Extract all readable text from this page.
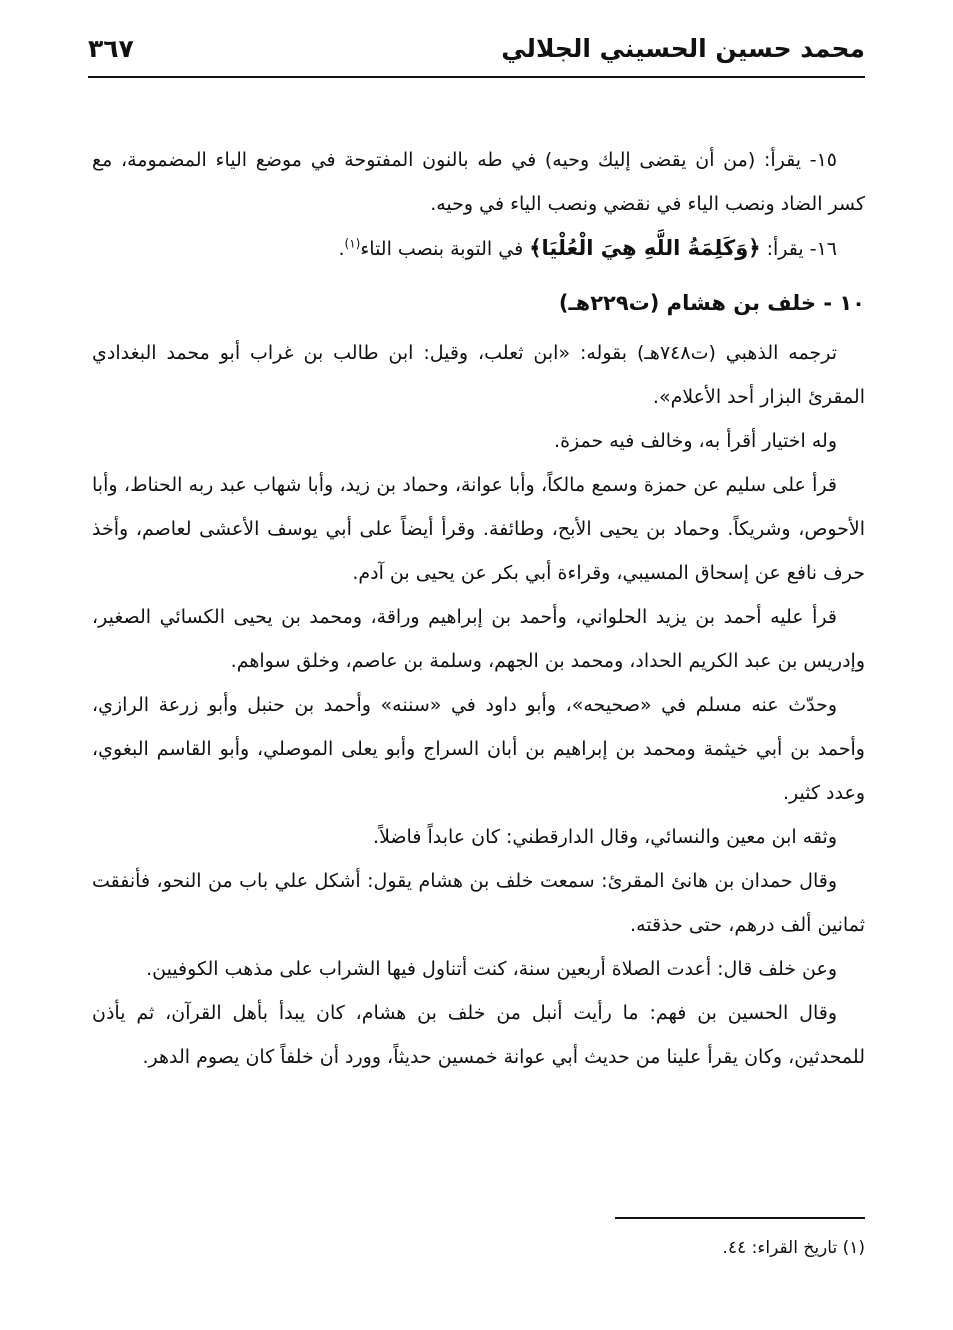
محمد حسين الحسيني الجلالي
٣٦٧

١٥- يقرأ: (من أن يقضى إليك وحيه) في طه بالنون المفتوحة في موضع الياء المضمومة، مع كسر الضاد ونصب الياء في نقضي ونصب الياء في وحيه.

١٦- يقرأ: ﴿وَكَلِمَةُ اللَّهِ هِيَ الْعُلْيَا﴾ في التوبة بنصب التاء$^{(١)}$.

١٠ - خلف بن هشام (ت٢٢٩هـ)

ترجمه الذهبي (ت٧٤٨هـ) بقوله: «ابن ثعلب، وقيل: ابن طالب بن غراب أبو محمد البغدادي المقرئ البزار أحد الأعلام».

وله اختيار أقرأ به، وخالف فيه حمزة.

قرأ على سليم عن حمزة وسمع مالكاً، وأبا عوانة، وحماد بن زيد، وأبا شهاب عبد ربه الحناط، وأبا الأحوص، وشريكاً. وحماد بن يحيى الأبح، وطائفة. وقرأ أيضاً على أبي يوسف الأعشى لعاصم، وأخذ حرف نافع عن إسحاق المسيبي، وقراءة أبي بكر عن يحيى بن آدم.

قرأ عليه أحمد بن يزيد الحلواني، وأحمد بن إبراهيم وراقة، ومحمد بن يحيى الكسائي الصغير، وإدريس بن عبد الكريم الحداد، ومحمد بن الجهم، وسلمة بن عاصم، وخلق سواهم.

وحدّث عنه مسلم في «صحيحه»، وأبو داود في «سننه» وأحمد بن حنبل وأبو زرعة الرازي، وأحمد بن أبي خيثمة ومحمد بن إبراهيم بن أبان السراج وأبو يعلى الموصلي، وأبو القاسم البغوي، وعدد كثير.

وثقه ابن معين والنسائي، وقال الدارقطني: كان عابداً فاضلاً.

وقال حمدان بن هانئ المقرئ: سمعت خلف بن هشام يقول: أشكل علي باب من النحو، فأنفقت ثمانين ألف درهم، حتى حذقته.

وعن خلف قال: أعدت الصلاة أربعين سنة، كنت أتناول فيها الشراب على مذهب الكوفيين.

وقال الحسين بن فهم: ما رأيت أنبل من خلف بن هشام، كان يبدأ بأهل القرآن، ثم يأذن للمحدثين، وكان يقرأ علينا من حديث أبي عوانة خمسين حديثاً، وورد أن خلفاً كان يصوم الدهر.

(١) تاريخ القراء: ٤٤.
